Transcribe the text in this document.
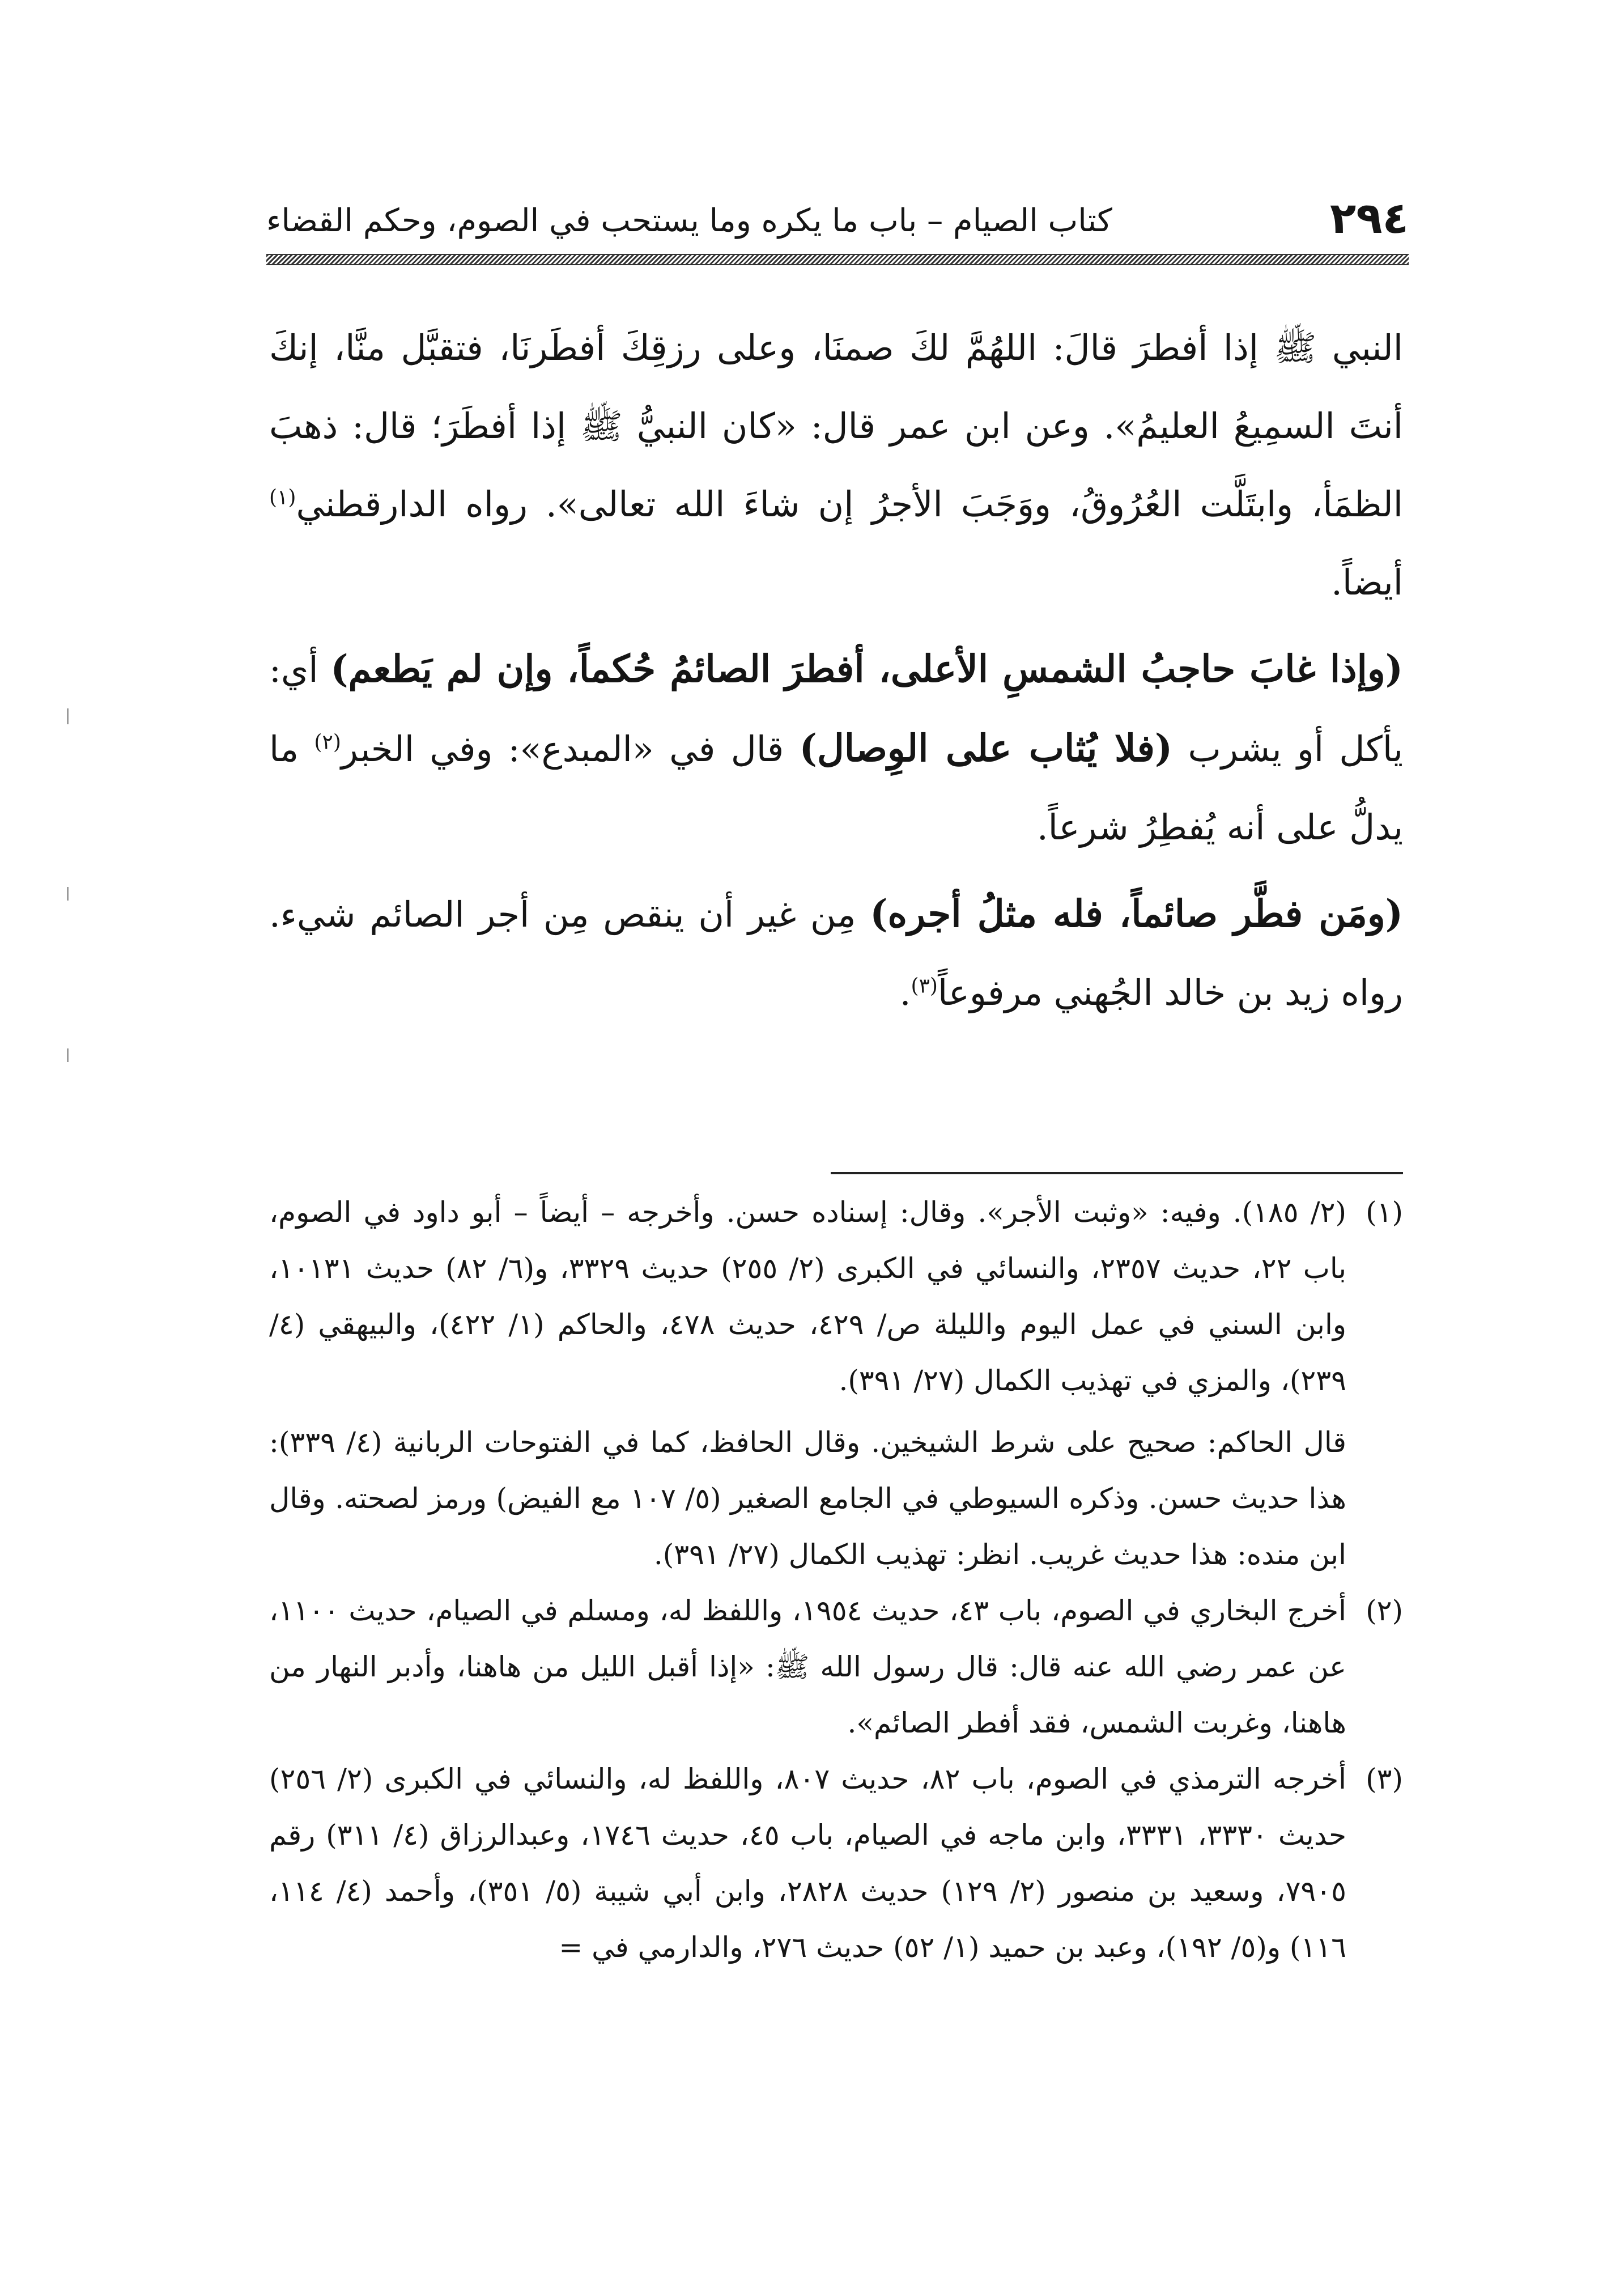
٢٩٤
كتاب الصيام – باب ما يكره وما يستحب في الصوم، وحكم القضاء

النبي ﷺ إذا أفطرَ قالَ: اللهُمَّ لكَ صمنَا، وعلى رزقِكَ أفطَرنَا، فتقبَّل منَّا، إنكَ أنتَ السمِيعُ العليمُ». وعن ابن عمر قال: «كان النبيُّ ﷺ إذا أفطَرَ؛ قال: ذهبَ الظمَأ، وابتَلَّت العُرُوقُ، ووَجَبَ الأجرُ إن شاءَ الله تعالى». رواه الدارقطني$^{(١)}$ أيضاً.

(وإذا غابَ حاجبُ الشمسِ الأعلى، أفطرَ الصائمُ حُكماً، وإن لم يَطعم) أي: يأكل أو يشرب (فلا يُثاب على الوِصال) قال في «المبدع»: وفي الخبر$^{(٢)}$ ما يدلُّ على أنه يُفطِرُ شرعاً.

(ومَن فطَّر صائماً، فله مثلُ أجره) مِن غير أن ينقص مِن أجر الصائم شيء. رواه زيد بن خالد الجُهني مرفوعاً$^{(٣)}$.

(١)

(٢/ ١٨٥). وفيه: «وثبت الأجر». وقال: إسناده حسن. وأخرجه – أيضاً – أبو داود في الصوم، باب ٢٢، حديث ٢٣٥٧، والنسائي في الكبرى (٢/ ٢٥٥) حديث ٣٣٢٩، و(٦/ ٨٢) حديث ١٠١٣١، وابن السني في عمل اليوم والليلة ص/ ٤٢٩، حديث ٤٧٨، والحاكم (١/ ٤٢٢)، والبيهقي (٤/ ٢٣٩)، والمزي في تهذيب الكمال (٢٧/ ٣٩١).

قال الحاكم: صحيح على شرط الشيخين. وقال الحافظ، كما في الفتوحات الربانية (٤/ ٣٣٩): هذا حديث حسن. وذكره السيوطي في الجامع الصغير (٥/ ١٠٧ مع الفيض) ورمز لصحته. وقال ابن منده: هذا حديث غريب. انظر: تهذيب الكمال (٢٧/ ٣٩١).

(٢)

أخرج البخاري في الصوم، باب ٤٣، حديث ١٩٥٤، واللفظ له، ومسلم في الصيام، حديث ١١٠٠، عن عمر رضي الله عنه قال: قال رسول الله ﷺ: «إذا أقبل الليل من هاهنا، وأدبر النهار من هاهنا، وغربت الشمس، فقد أفطر الصائم».

(٣)

أخرجه الترمذي في الصوم، باب ٨٢، حديث ٨٠٧، واللفظ له، والنسائي في الكبرى (٢/ ٢٥٦) حديث ٣٣٣٠، ٣٣٣١، وابن ماجه في الصيام، باب ٤٥، حديث ١٧٤٦، وعبدالرزاق (٤/ ٣١١) رقم ٧٩٠٥، وسعيد بن منصور (٢/ ١٢٩) حديث ٢٨٢٨، وابن أبي شيبة (٥/ ٣٥١)، وأحمد (٤/ ١١٤، ١١٦) و(٥/ ١٩٢)، وعبد بن حميد (١/ ٥٢) حديث ٢٧٦، والدارمي في =
